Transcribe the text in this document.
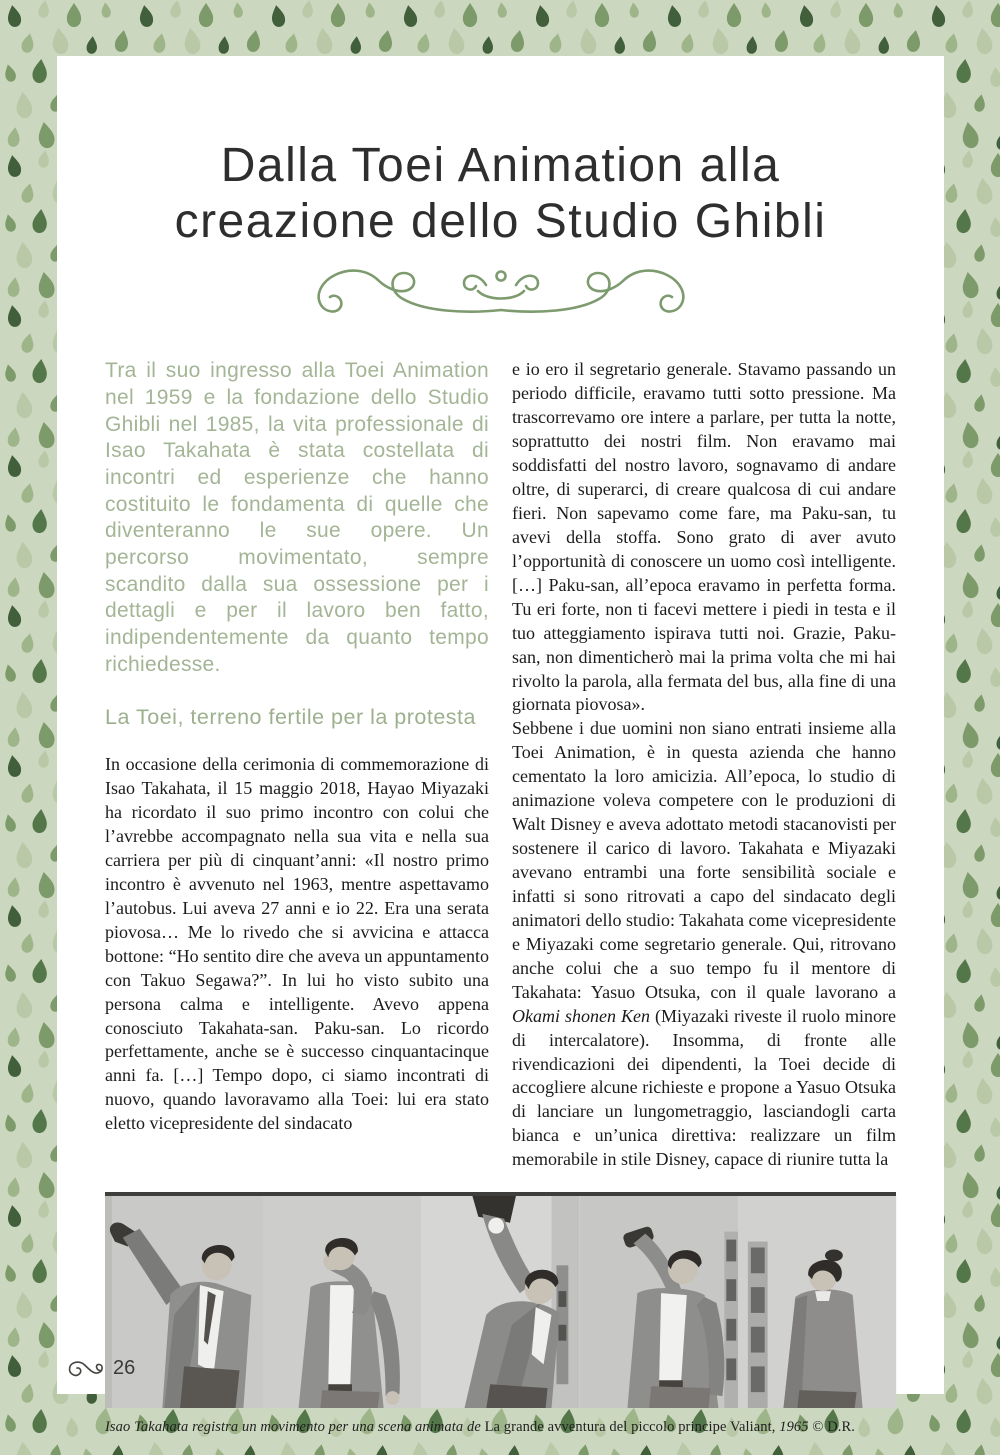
Dalla Toei Animation alla
creazione dello Studio Ghibli

Tra il suo ingresso alla Toei Animation nel 1959 e la fondazione dello Studio Ghibli nel 1985, la vita professionale di Isao Takahata è stata costellata di incontri ed esperienze che hanno costituito le fondamenta di quelle che diventeranno le sue opere. Un percorso movimentato, sempre scandito dalla sua ossessione per i dettagli e per il lavoro ben fatto, indipendentemente da quanto tempo richiedesse.

La Toei, terreno fertile per la protesta

In occasione della cerimonia di commemorazione di Isao Takahata, il 15 maggio 2018, Hayao Miyazaki ha ricordato il suo primo incontro con colui che l’avrebbe accompagnato nella sua vita e nella sua carriera per più di cinquant’anni: «Il nostro primo incontro è avvenuto nel 1963, mentre aspettavamo l’autobus. Lui aveva 27 anni e io 22. Era una serata piovosa… Me lo rivedo che si avvicina e attacca bottone: “Ho sentito dire che aveva un appuntamento con Takuo Segawa?”. In lui ho visto subito una persona calma e intelligente. Avevo appena conosciuto Takahata-san. Paku-san. Lo ricordo perfettamente, anche se è successo cinquantacinque anni fa. […] Tempo dopo, ci siamo incontrati di nuovo, quando lavoravamo alla Toei: lui era stato eletto vicepresidente del sindacato

e io ero il segretario generale. Stavamo passando un periodo difficile, eravamo tutti sotto pressione. Ma trascorrevamo ore intere a parlare, per tutta la notte, soprattutto dei nostri film. Non eravamo mai soddisfatti del nostro lavoro, sognavamo di andare oltre, di superarci, di creare qualcosa di cui andare fieri. Non sapevamo come fare, ma Paku-san, tu avevi della stoffa. Sono grato di aver avuto l’opportunità di conoscere un uomo così intelligente. […] Paku-san, all’epoca eravamo in perfetta forma. Tu eri forte, non ti facevi mettere i piedi in testa e il tuo atteggiamento ispirava tutti noi. Grazie, Paku-san, non dimenticherò mai la prima volta che mi hai rivolto la parola, alla fermata del bus, alla fine di una giornata piovosa».

Sebbene i due uomini non siano entrati insieme alla Toei Animation, è in questa azienda che hanno cementato la loro amicizia. All’epoca, lo studio di animazione voleva competere con le produzioni di Walt Disney e aveva adottato metodi stacanovisti per sostenere il carico di lavoro. Takahata e Miyazaki avevano entrambi una forte sensibilità sociale e infatti si sono ritrovati a capo del sindacato degli animatori dello studio: Takahata come vicepresidente e Miyazaki come segretario generale. Qui, ritrovano anche colui che a suo tempo fu il mentore di Takahata: Yasuo Otsuka, con il quale lavorano a Okami shonen Ken (Miyazaki riveste il ruolo minore di intercalatore). Insomma, di fronte alle rivendicazioni dei dipendenti, la Toei decide di accogliere alcune richieste e propone a Yasuo Otsuka di lanciare un lungometraggio, lasciandogli carta bianca e un’unica direttiva: realizzare un film memorabile in stile Disney, capace di riunire tutta la

Isao Takahata registra un movimento per una scena animata de La grande avventura del piccolo principe Valiant, 1965 © D.R.

26
